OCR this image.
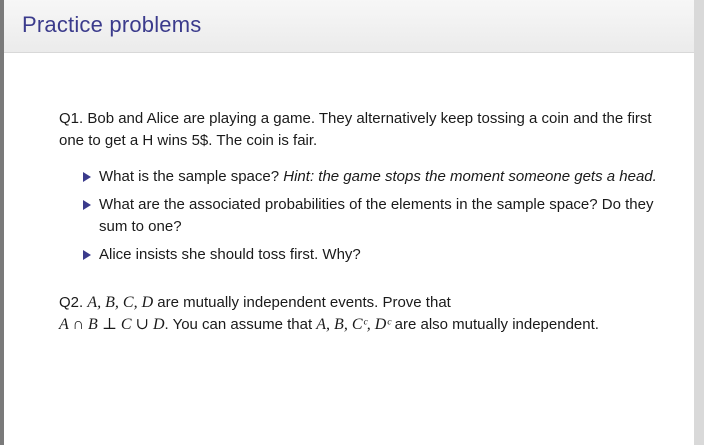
Practice problems

Q1. Bob and Alice are playing a game. They alternatively keep tossing a coin and the first one to get a H wins 5$. The coin is fair.

What is the sample space? Hint: the game stops the moment someone gets a head.
What are the associated probabilities of the elements in the sample space? Do they sum to one?
Alice insists she should toss first. Why?

Q2. A, B, C, D are mutually independent events. Prove that
A ∩ B ⊥ C ∪ D. You can assume that A, B, Cᶜ, Dᶜ are also mutually independent.
